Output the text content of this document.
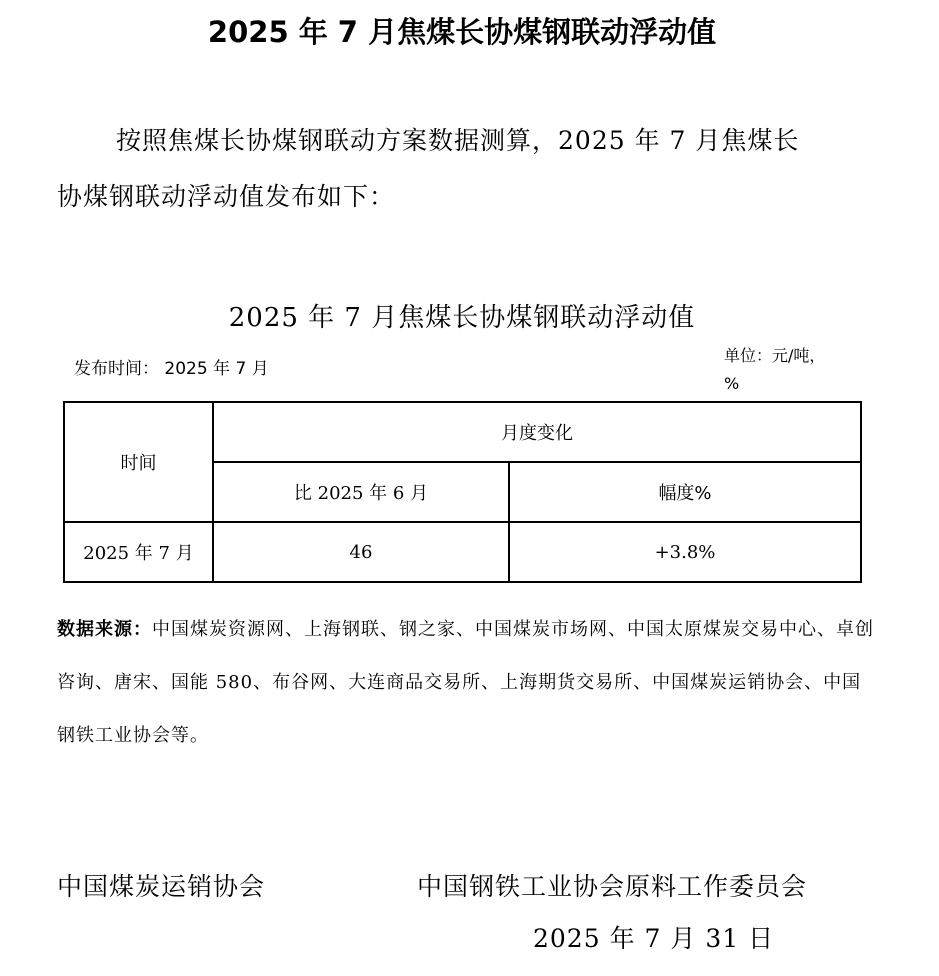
2025 年 7 月焦煤长协煤钢联动浮动值
按照焦煤长协煤钢联动方案数据测算，2025 年 7 月焦煤长
协煤钢联动浮动值发布如下：
2025 年 7 月焦煤长协煤钢联动浮动值
发布时间： 2025 年 7 月
单位：元/吨，%
时间	月度变化	
	比 2025 年 6 月	幅度%
2025 年 7 月	46	+3.8%
数据来源：中国煤炭资源网、上海钢联、钢之家、中国煤炭市场网、中国太原煤炭交易中心、卓创咨询、唐宋、国能 580、布谷网、大连商品交易所、上海期货交易所、中国煤炭运销协会、中国钢铁工业协会等。
中国煤炭运销协会	中国钢铁工业协会原料工作委员会
2025 年 7 月 31 日
